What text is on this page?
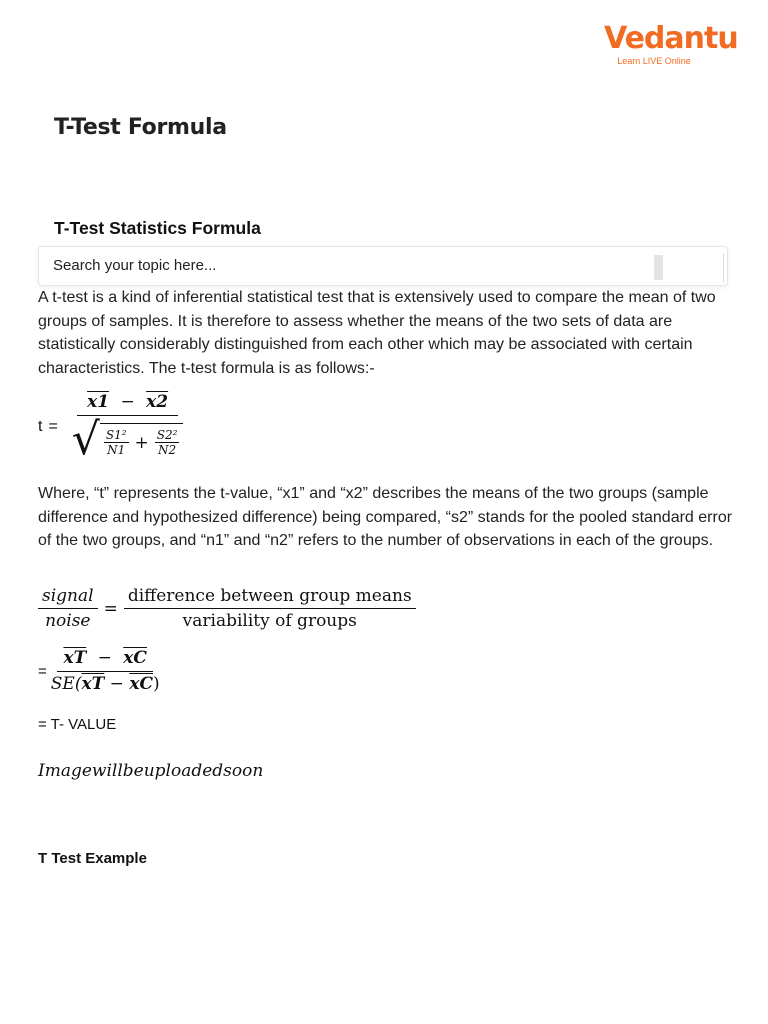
Vedantu
Learn LIVE Online
T-Test Formula
T-Test Statistics Formula
Search your topic here...

A t-test is a kind of inferential statistical test that is extensively used to compare the mean of two groups of samples. It is therefore to assess whether the means of the two sets of data are statistically considerably distinguished from each other which may be associated with certain characteristics. The t-test formula is as follows:-

t =
x1 − x2
√ $\frac{\text{S1²}}{N1} + \frac{\text{S2²}}{N2}$

Where, “t” represents the t-value, “x1” and “x2” describes the means of the two groups (sample difference and hypothesized difference) being compared, “s2” stands for the pooled standard error of the two groups, and “n1” and “n2” refers to the number of observations in each of the groups.

$\frac{\text{signal}}{\text{noise}} = \frac{\text{difference between group means}}{\text{variability of groups}}$
= $\frac{\overline{xT} - \overline{xC}}{SE(\overline{xT} - \overline{xC})}$
= T- VALUE
Imagewillbeuploadedsoon
T Test Example
